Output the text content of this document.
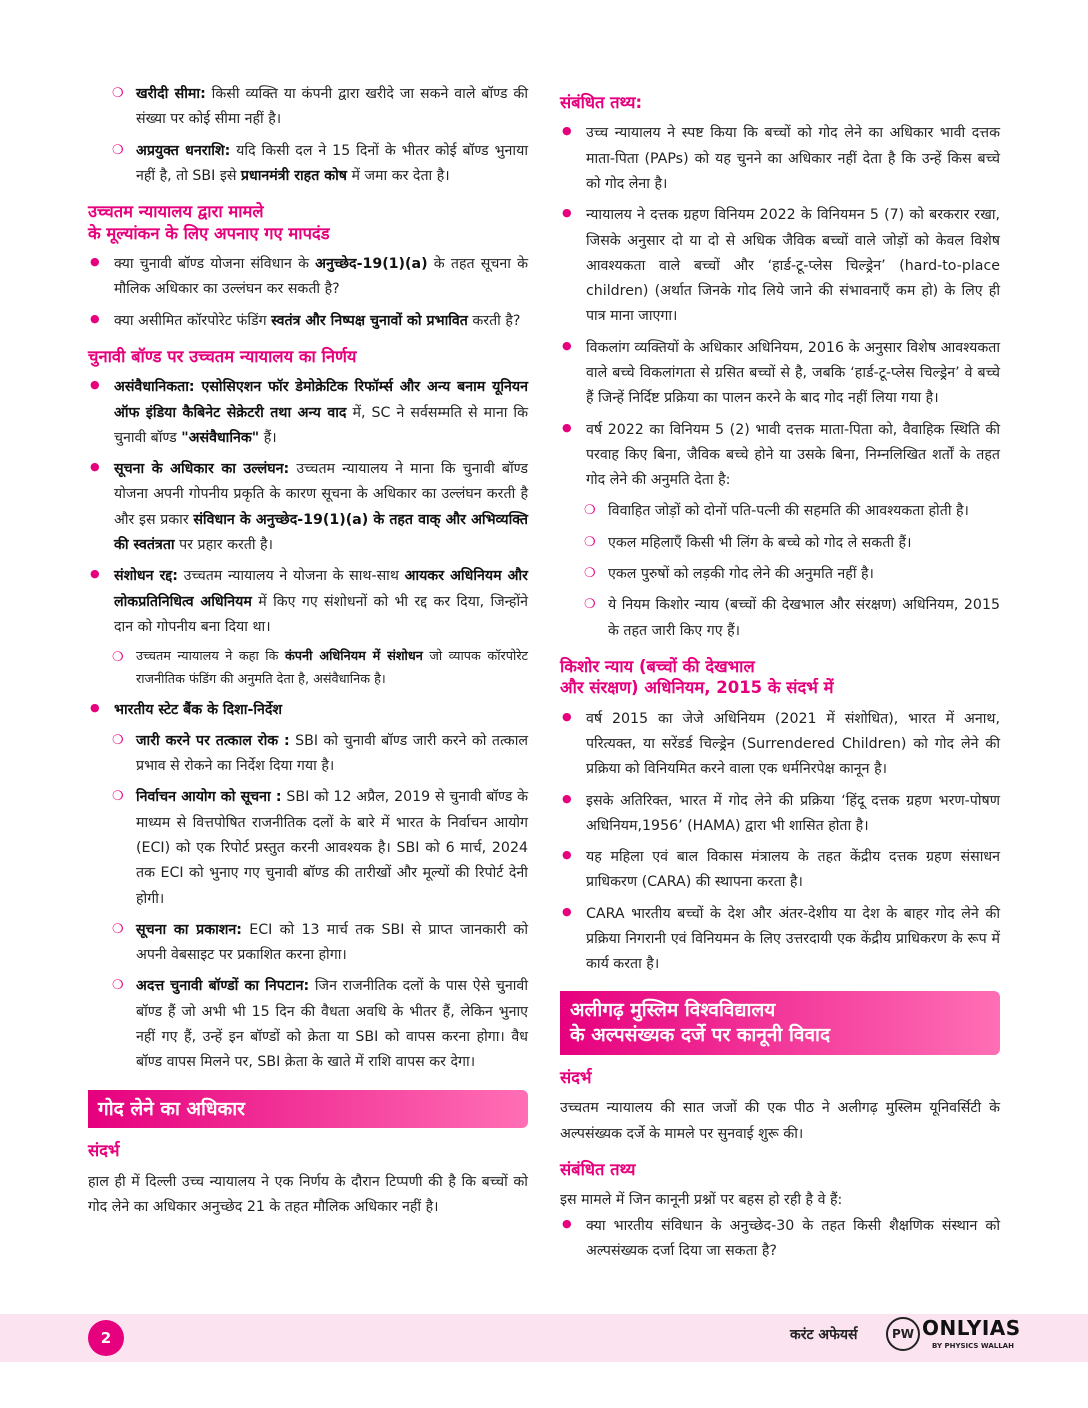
❍ खरीदी सीमा: किसी व्यक्ति या कंपनी द्वारा खरीदे जा सकने वाले बॉण्ड की संख्या पर कोई सीमा नहीं है।
❍ अप्रयुक्त धनराशि: यदि किसी दल ने 15 दिनों के भीतर कोई बॉण्ड भुनाया नहीं है, तो SBI इसे प्रधानमंत्री राहत कोष में जमा कर देता है।
उच्चतम न्यायालय द्वारा मामले
के मूल्यांकन के लिए अपनाए गए मापदंड
● क्या चुनावी बॉण्ड योजना संविधान के अनुच्छेद-19(1)(a) के तहत सूचना के मौलिक अधिकार का उल्लंघन कर सकती है?
● क्या असीमित कॉरपोरेट फंडिंग स्वतंत्र और निष्पक्ष चुनावों को प्रभावित करती है?
चुनावी बॉण्ड पर उच्चतम न्यायालय का निर्णय
● असंवैधानिकता: एसोसिएशन फॉर डेमोक्रेटिक रिफॉर्म्स और अन्य बनाम यूनियन ऑफ इंडिया कैबिनेट सेक्रेटरी तथा अन्य वाद में, SC ने सर्वसम्मति से माना कि चुनावी बॉण्ड "असंवैधानिक" हैं।
● सूचना के अधिकार का उल्लंघन: उच्चतम न्यायालय ने माना कि चुनावी बॉण्ड योजना अपनी गोपनीय प्रकृति के कारण सूचना के अधिकार का उल्लंघन करती है और इस प्रकार संविधान के अनुच्छेद-19(1)(a) के तहत वाक् और अभिव्यक्ति की स्वतंत्रता पर प्रहार करती है।
● संशोधन रद्द: उच्चतम न्यायालय ने योजना के साथ-साथ आयकर अधिनियम और लोकप्रतिनिधित्व अधिनियम में किए गए संशोधनों को भी रद्द कर दिया, जिन्होंने दान को गोपनीय बना दिया था।
❍ उच्चतम न्यायालय ने कहा कि कंपनी अधिनियम में संशोधन जो व्यापक कॉरपोरेट राजनीतिक फंडिंग की अनुमति देता है, असंवैधानिक है।
● भारतीय स्टेट बैंक के दिशा-निर्देश
❍ जारी करने पर तत्काल रोक : SBI को चुनावी बॉण्ड जारी करने को तत्काल प्रभाव से रोकने का निर्देश दिया गया है।
❍ निर्वाचन आयोग को सूचना : SBI को 12 अप्रैल, 2019 से चुनावी बॉण्ड के माध्यम से वित्तपोषित राजनीतिक दलों के बारे में भारत के निर्वाचन आयोग (ECI) को एक रिपोर्ट प्रस्तुत करनी आवश्यक है। SBI को 6 मार्च, 2024 तक ECI को भुनाए गए चुनावी बॉण्ड की तारीखों और मूल्यों की रिपोर्ट देनी होगी।
❍ सूचना का प्रकाशन: ECI को 13 मार्च तक SBI से प्राप्त जानकारी को अपनी वेबसाइट पर प्रकाशित करना होगा।
❍ अदत्त चुनावी बॉण्डों का निपटान: जिन राजनीतिक दलों के पास ऐसे चुनावी बॉण्ड हैं जो अभी भी 15 दिन की वैधता अवधि के भीतर हैं, लेकिन भुनाए नहीं गए हैं, उन्हें इन बॉण्डों को क्रेता या SBI को वापस करना होगा। वैध बॉण्ड वापस मिलने पर, SBI क्रेता के खाते में राशि वापस कर देगा।
गोद लेने का अधिकार
संदर्भ

हाल ही में दिल्ली उच्च न्यायालय ने एक निर्णय के दौरान टिप्पणी की है कि बच्चों को गोद लेने का अधिकार अनुच्छेद 21 के तहत मौलिक अधिकार नहीं है।

संबंधित तथ्य:
● उच्च न्यायालय ने स्पष्ट किया कि बच्चों को गोद लेने का अधिकार भावी दत्तक माता-पिता (PAPs) को यह चुनने का अधिकार नहीं देता है कि उन्हें किस बच्चे को गोद लेना है।
● न्यायालय ने दत्तक ग्रहण विनियम 2022 के विनियमन 5 (7) को बरकरार रखा, जिसके अनुसार दो या दो से अधिक जैविक बच्चों वाले जोड़ों को केवल विशेष आवश्यकता वाले बच्चों और ‘हार्ड-टू-प्लेस चिल्ड्रेन’ (hard-to-place children) (अर्थात जिनके गोद लिये जाने की संभावनाएँ कम हो) के लिए ही पात्र माना जाएगा।
● विकलांग व्यक्तियों के अधिकार अधिनियम, 2016 के अनुसार विशेष आवश्यकता वाले बच्चे विकलांगता से ग्रसित बच्चों से है, जबकि ‘हार्ड-टू-प्लेस चिल्ड्रेन’ वे बच्चे हैं जिन्हें निर्दिष्ट प्रक्रिया का पालन करने के बाद गोद नहीं लिया गया है।
● वर्ष 2022 का विनियम 5 (2) भावी दत्तक माता-पिता को, वैवाहिक स्थिति की परवाह किए बिना, जैविक बच्चे होने या उसके बिना, निम्नलिखित शर्तों के तहत गोद लेने की अनुमति देता है:
❍ विवाहित जोड़ों को दोनों पति-पत्नी की सहमति की आवश्यकता होती है।
❍ एकल महिलाएँ किसी भी लिंग के बच्चे को गोद ले सकती हैं।
❍ एकल पुरुषों को लड़की गोद लेने की अनुमति नहीं है।
❍ ये नियम किशोर न्याय (बच्चों की देखभाल और संरक्षण) अधिनियम, 2015 के तहत जारी किए गए हैं।
किशोर न्याय (बच्चों की देखभाल
और संरक्षण) अधिनियम, 2015 के संदर्भ में
● वर्ष 2015 का जेजे अधिनियम (2021 में संशोधित), भारत में अनाथ, परित्यक्त, या सरेंडर्ड चिल्ड्रेन (Surrendered Children) को गोद लेने की प्रक्रिया को विनियमित करने वाला एक धर्मनिरपेक्ष कानून है।
● इसके अतिरिक्त, भारत में गोद लेने की प्रक्रिया ‘हिंदू दत्तक ग्रहण भरण-पोषण अधिनियम,1956’ (HAMA) द्वारा भी शासित होता है।
● यह महिला एवं बाल विकास मंत्रालय के तहत केंद्रीय दत्तक ग्रहण संसाधन प्राधिकरण (CARA) की स्थापना करता है।
● CARA भारतीय बच्चों के देश और अंतर-देशीय या देश के बाहर गोद लेने की प्रक्रिया निगरानी एवं विनियमन के लिए उत्तरदायी एक केंद्रीय प्राधिकरण के रूप में कार्य करता है।
अलीगढ़ मुस्लिम विश्वविद्यालय
के अल्पसंख्यक दर्जे पर कानूनी विवाद
संदर्भ

उच्चतम न्यायालय की सात जजों की एक पीठ ने अलीगढ़ मुस्लिम यूनिवर्सिटी के अल्पसंख्यक दर्जे के मामले पर सुनवाई शुरू की।

संबंधित तथ्य

इस मामले में जिन कानूनी प्रश्नों पर बहस हो रही है वे हैं:

● क्या भारतीय संविधान के अनुच्छेद-30 के तहत किसी शैक्षणिक संस्थान को अल्पसंख्यक दर्जा दिया जा सकता है?
2	करंट अफेयर्स	PW ONLYIAS
BY PHYSICS WALLAH
